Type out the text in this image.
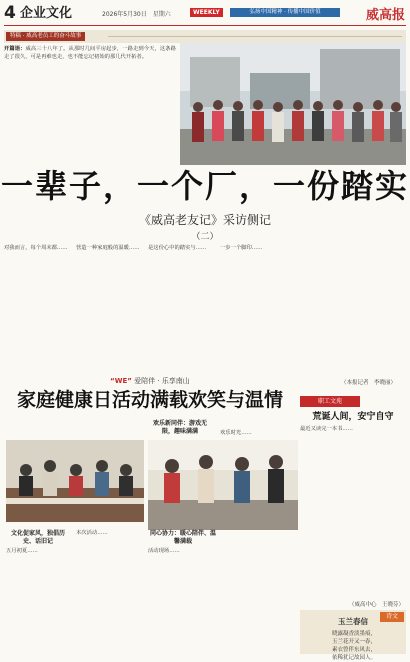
4 企业文化	2026年5月30日　星期六	WEEKLY	弘扬中国精神 · 传播中国价值	威高报
特稿 · 威高老员工的奋斗故事
开篇语：威高三十八年了。从那时几间平房起步，一路走到今天，这条路走了很久，可是再难也走，也不能忘记初始的那几代开拓者。
一辈子，一个厂，一份踏实
《威高老友记》采访侧记
（二）
对我而言，每个周末都……	营造一种家庭般的温暖……	是这份心中的踏实与……	一步一个脚印……
（本报记者　李晓丽）
职工文苑
荒诞人间，安宁自守
最近又读完一本书……
（威高中心　王晓芬）
诗文
玉兰春信
晓露凝香淡墨痕，
玉兰花开又一春，
素衣曾伴东风去，
依稀犹记故园人。
“WE” 爱陪伴 · 乐享南山
家庭健康日活动满载欢笑与温情
欢乐新同伴：游戏无限，趣味满满
文化促家风，独倡历史、话旧记
同心协力：暖心陪伴、温馨满载
五月初夏……
本次活动……
活动现场……
欢乐时光……
